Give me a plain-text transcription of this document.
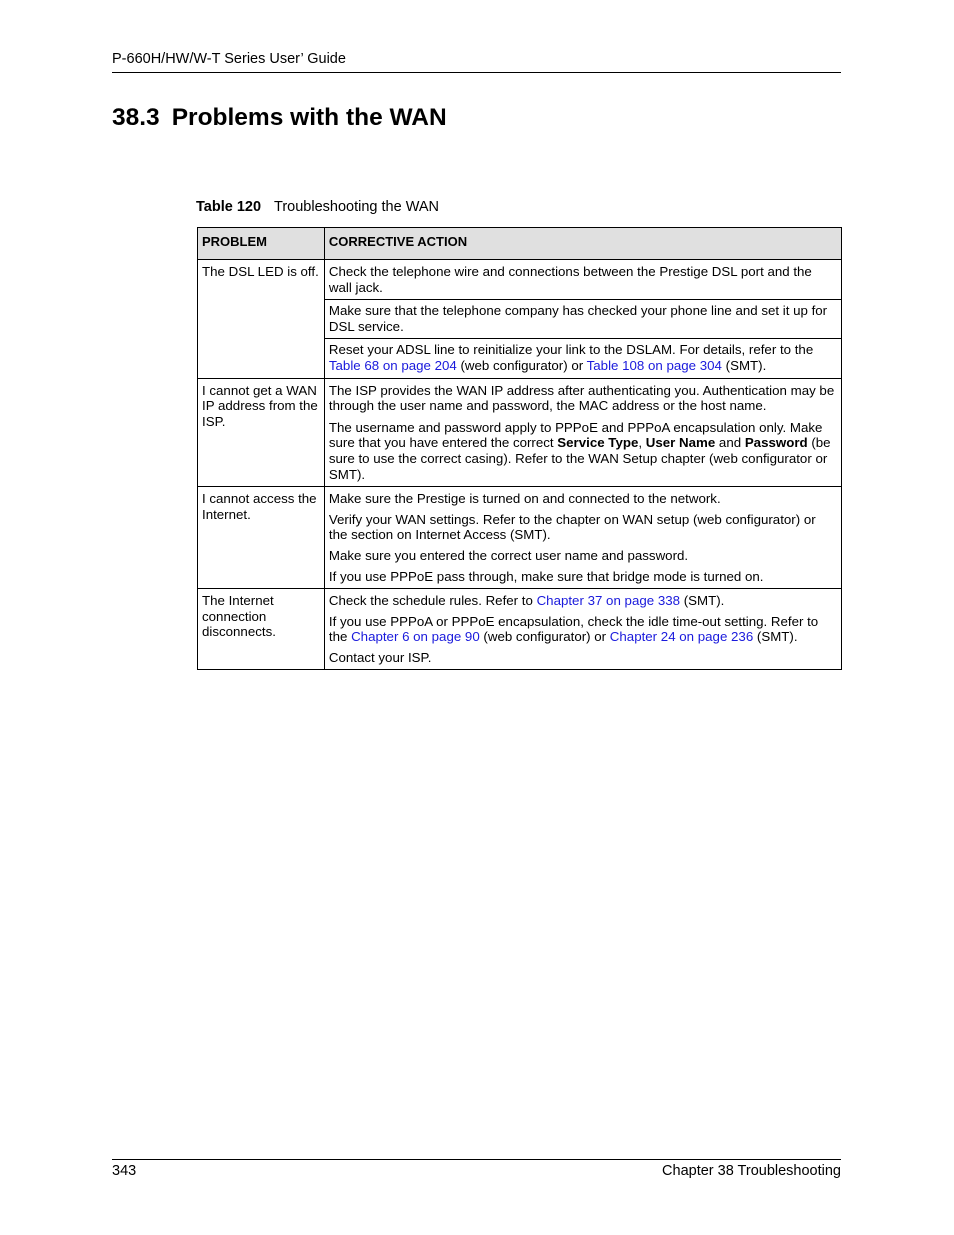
P-660H/HW/W-T Series User’ Guide
38.3 Problems with the WAN
Table 120 Troubleshooting the WAN
PROBLEM	CORRECTIVE ACTION
The DSL LED is off.	Check the telephone wire and connections between the Prestige DSL port and the wall jack.

Make sure that the telephone company has checked your phone line and set it up for DSL service.

Reset your ADSL line to reinitialize your link to the DSLAM. For details, refer to the Table 68 on page 204 (web configurator) or Table 108 on page 304 (SMT).

I cannot get a WAN IP address from the ISP.	The ISP provides the WAN IP address after authenticating you. Authentication may be through the user name and password, the MAC address or the host name.

The username and password apply to PPPoE and PPPoA encapsulation only. Make sure that you have entered the correct Service Type, User Name and Password (be sure to use the correct casing). Refer to the WAN Setup chapter (web configurator or SMT).

I cannot access the Internet.	Make sure the Prestige is turned on and connected to the network.

Verify your WAN settings. Refer to the chapter on WAN setup (web configurator) or the section on Internet Access (SMT).

Make sure you entered the correct user name and password.

If you use PPPoE pass through, make sure that bridge mode is turned on.

The Internet connection disconnects.	Check the schedule rules. Refer to Chapter 37 on page 338 (SMT).

If you use PPPoA or PPPoE encapsulation, check the idle time-out setting. Refer to the Chapter 6 on page 90 (web configurator) or Chapter 24 on page 236 (SMT).

Contact your ISP.

343	Chapter 38 Troubleshooting
